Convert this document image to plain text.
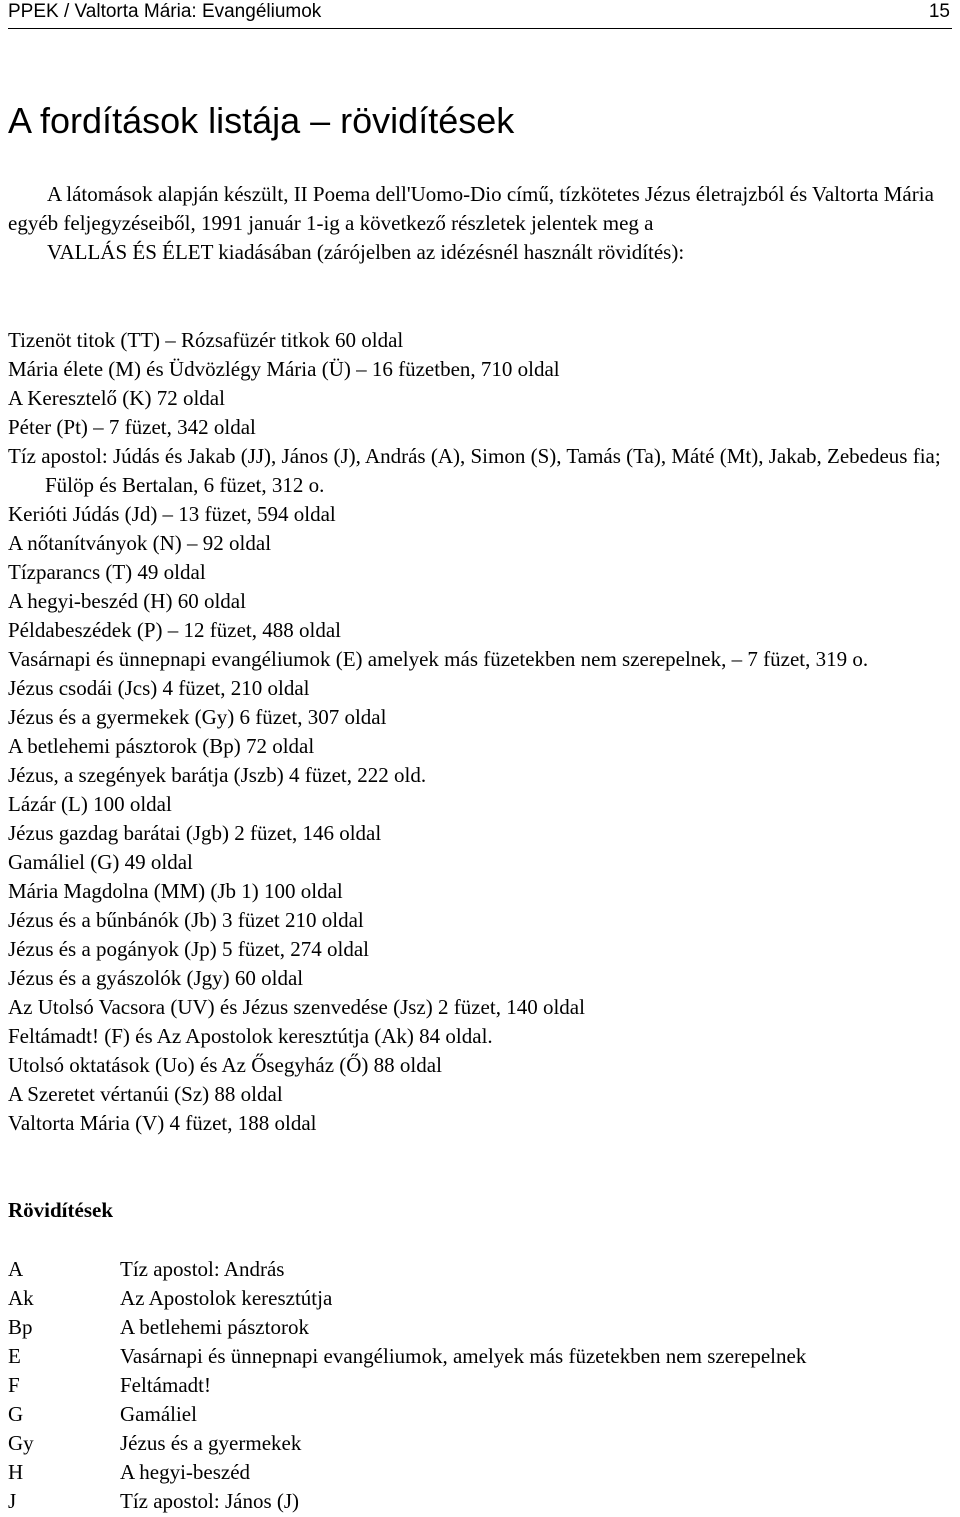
PPEK / Valtorta Mária: Evangéliumok	15
A fordítások listája – rövidítések
A látomások alapján készült, II Poema dell'Uomo-Dio című, tízkötetes Jézus életrajzból és Valtorta Mária egyéb feljegyzéseiből, 1991 január 1-ig a következő részletek jelentek meg a
VALLÁS ÉS ÉLET kiadásában (zárójelben az idézésnél használt rövidítés):
Tizenöt titok (TT) – Rózsafüzér titkok 60 oldal
Mária élete (M) és Üdvözlégy Mária (Ü) – 16 füzetben, 710 oldal
A Keresztelő (K) 72 oldal
Péter (Pt) – 7 füzet, 342 oldal
Tíz apostol: Júdás és Jakab (JJ), János (J), András (A), Simon (S), Tamás (Ta), Máté (Mt), Jakab, Zebedeus fia; Fülöp és Bertalan, 6 füzet, 312 o.
Kerióti Júdás (Jd) – 13 füzet, 594 oldal
A nőtanítványok (N) – 92 oldal
Tízparancs (T) 49 oldal
A hegyi-beszéd (H) 60 oldal
Példabeszédek (P) – 12 füzet, 488 oldal
Vasárnapi és ünnepnapi evangéliumok (E) amelyek más füzetekben nem szerepelnek, – 7 füzet, 319 o.
Jézus csodái (Jcs) 4 füzet, 210 oldal
Jézus és a gyermekek (Gy) 6 füzet, 307 oldal
A betlehemi pásztorok (Bp) 72 oldal
Jézus, a szegények barátja (Jszb) 4 füzet, 222 old.
Lázár (L) 100 oldal
Jézus gazdag barátai (Jgb) 2 füzet, 146 oldal
Gamáliel (G) 49 oldal
Mária Magdolna (MM) (Jb 1) 100 oldal
Jézus és a bűnbánók (Jb) 3 füzet 210 oldal
Jézus és a pogányok (Jp) 5 füzet, 274 oldal
Jézus és a gyászolók (Jgy) 60 oldal
Az Utolsó Vacsora (UV) és Jézus szenvedése (Jsz) 2 füzet, 140 oldal
Feltámadt! (F) és Az Apostolok keresztútja (Ak) 84 oldal.
Utolsó oktatások (Uo) és Az Ősegyház (Ő) 88 oldal
A Szeretet vértanúi (Sz) 88 oldal
Valtorta Mária (V) 4 füzet, 188 oldal
Rövidítések
A	Tíz apostol: András
Ak	Az Apostolok keresztútja
Bp	A betlehemi pásztorok
E	Vasárnapi és ünnepnapi evangéliumok, amelyek más füzetekben nem szerepelnek
F	Feltámadt!
G	Gamáliel
Gy	Jézus és a gyermekek
H	A hegyi-beszéd
J	Tíz apostol: János (J)
